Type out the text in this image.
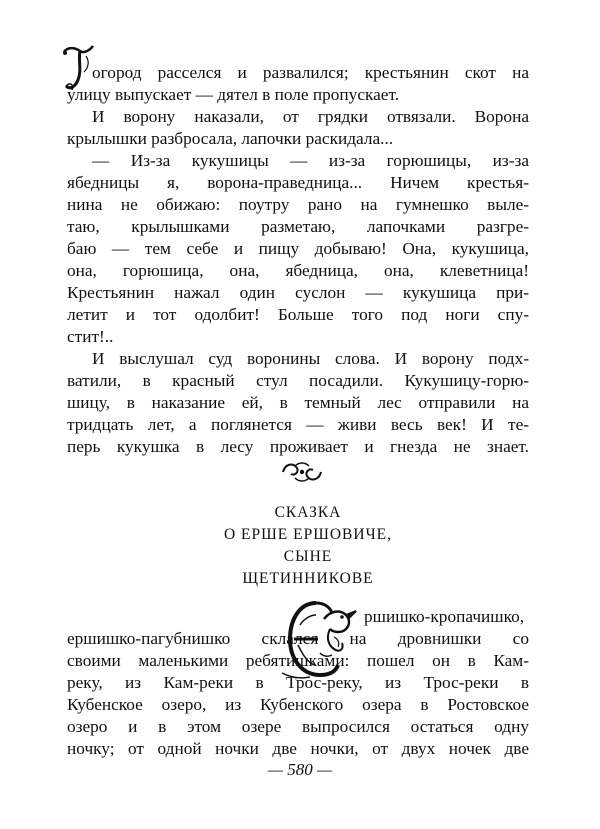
огород расселся и развалился; крестьянин скот на
улицу выпускает — дятел в поле пропускает.
И ворону наказали, от грядки отвязали. Ворона
крылышки разбросала, лапочки раскидала...
— Из-за кукушицы — из-за горюшицы, из-за
ябедницы я, ворона-праведница... Ничем крестья-
нина не обижаю: поутру рано на гумнешко выле-
таю, крылышками разметаю, лапочками разгре-
баю — тем себе и пищу добываю! Она, кукушица,
она, горюшица, она, ябедница, она, клеветница!
Крестьянин нажал один суслон — кукушица при-
летит и тот одолбит! Больше того под ноги спу-
стит!..
И выслушал суд воронины слова. И ворону подх-
ватили, в красный стул посадили. Кукушицу-горю-
шицу, в наказание ей, в темный лес отправили на
тридцать лет, а поглянется — живи весь век! И те-
перь кукушка в лесу проживает и гнезда не знает.
СКАЗКА
О ЕРШЕ ЕРШОВИЧЕ,
СЫНЕ
ЩЕТИННИКОВЕ
ршишко-кропачишко,
ершишко-пагубнишко склался на дровнишки со
своими маленькими ребятишками: пошел он в Кам-
реку, из Кам-реки в Трос-реку, из Трос-реки в
Кубенское озеро, из Кубенского озера в Ростовское
озеро и в этом озере выпросился остаться одну
ночку; от одной ночки две ночки, от двух ночек две
— 580 —
